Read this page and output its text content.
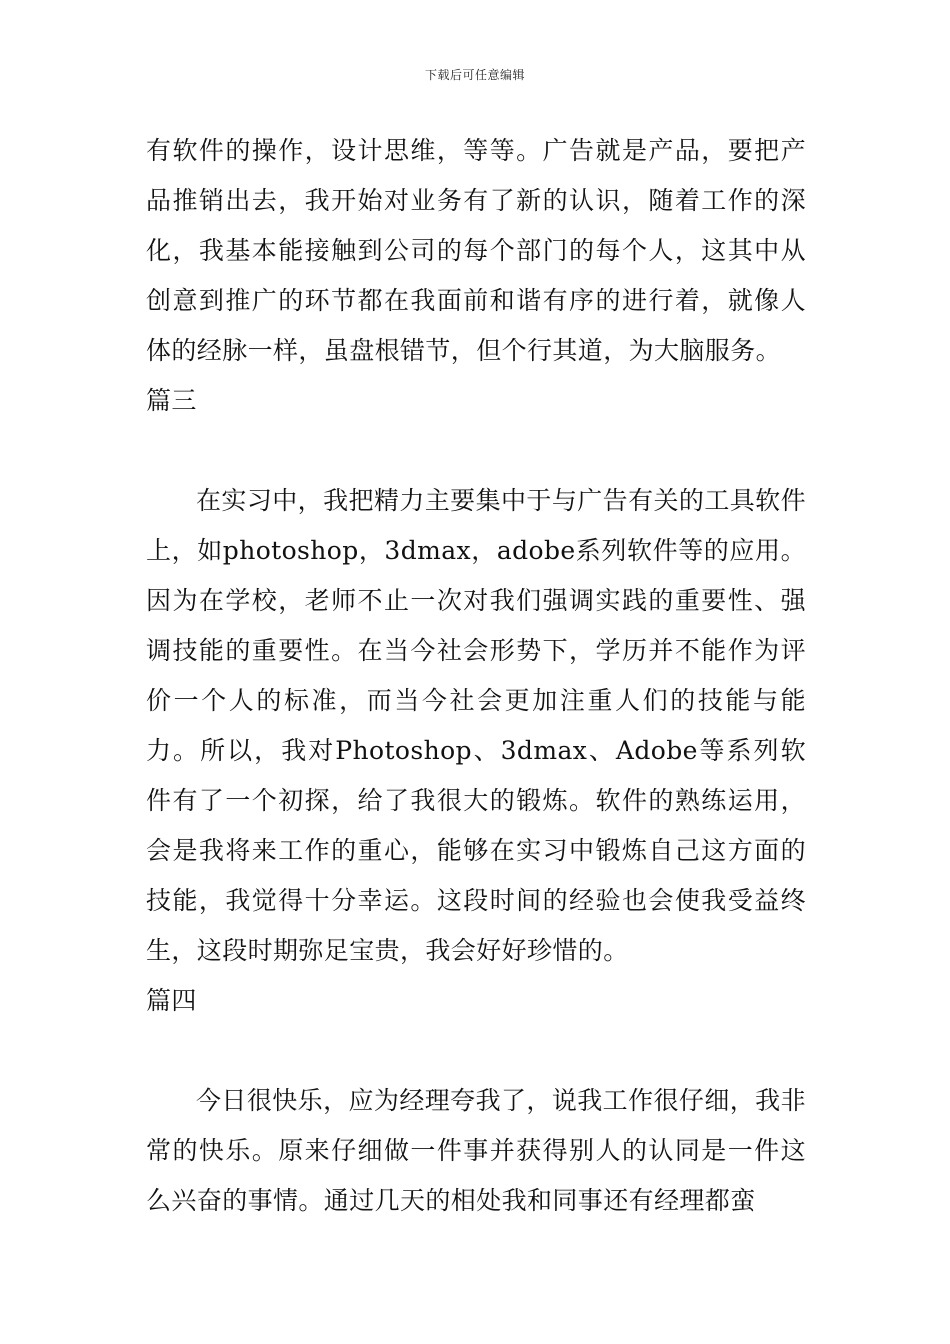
下载后可任意编辑

有软件的操作，设计思维，等等。广告就是产品，要把产品推销出去，我开始对业务有了新的认识，随着工作的深化，我基本能接触到公司的每个部门的每个人，这其中从创意到推广的环节都在我面前和谐有序的进行着，就像人体的经脉一样，虽盘根错节，但个行其道，为大脑服务。

篇三

在实习中，我把精力主要集中于与广告有关的工具软件上，如photoshop，3dmax，adobe系列软件等的应用。因为在学校，老师不止一次对我们强调实践的重要性、强调技能的重要性。在当今社会形势下，学历并不能作为评价一个人的标准，而当今社会更加注重人们的技能与能力。所以，我对Photoshop、3dmax、Adobe等系列软件有了一个初探，给了我很大的锻炼。软件的熟练运用，会是我将来工作的重心，能够在实习中锻炼自己这方面的技能，我觉得十分幸运。这段时间的经验也会使我受益终生，这段时期弥足宝贵，我会好好珍惜的。

篇四

今日很快乐，应为经理夸我了，说我工作很仔细，我非常的快乐。原来仔细做一件事并获得别人的认同是一件这么兴奋的事情。通过几天的相处我和同事还有经理都蛮
